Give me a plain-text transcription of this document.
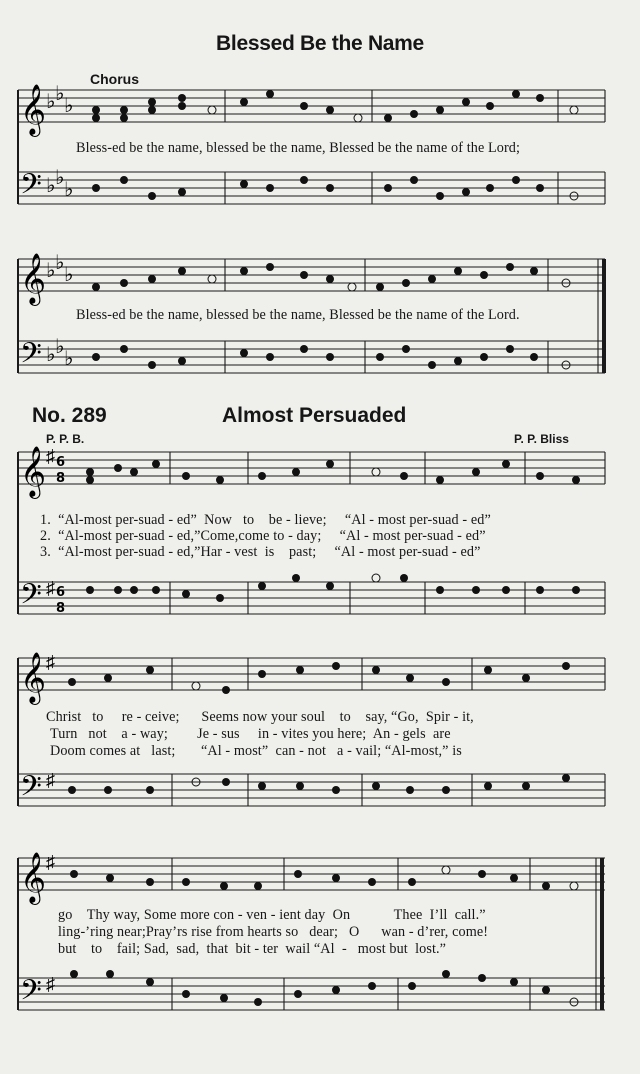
Blessed Be the Name
Chorus
𝄞
𝄢
♭ ♭
♭
♭ ♭
♭
Bless-ed be the name, blessed be the name, Blessed be the name of the Lord;
𝄞
𝄢
♭ ♭
♭
♭ ♭
♭
Bless-ed be the name, blessed be the name, Blessed be the name of the Lord.
No. 289	Almost Persuaded
P. P. B.	P. P. Bliss
𝄞
𝄢
♯
♯
6
8
6
8
1.  “Al-most per-suad - ed”  Now   to    be - lieve;     “Al - most per-suad - ed”
2.  “Al-most per-suad - ed,”Come,come to - day;     “Al - most per-suad - ed”
3.  “Al-most per-suad - ed,”Har - vest  is    past;     “Al - most per-suad - ed”
𝄞
𝄢
♯
♯
Christ   to     re - ceive;      Seems now your soul    to    say, “Go,  Spir - it,
Turn   not    a - way;        Je - sus     in - vites you here;  An - gels  are
Doom comes at   last;       “Al - most”  can - not   a - vail; “Al-most,” is
𝄞
𝄢
♯
♯
go    Thy way, Some more con - ven - ient day  On            Thee  I’ll  call.”
ling-’ring near;Pray’rs rise from hearts so   dear;   O      wan - d’rer, come!
but    to    fail; Sad,  sad,  that  bit - ter  wail “Al  -   most but  lost.”
